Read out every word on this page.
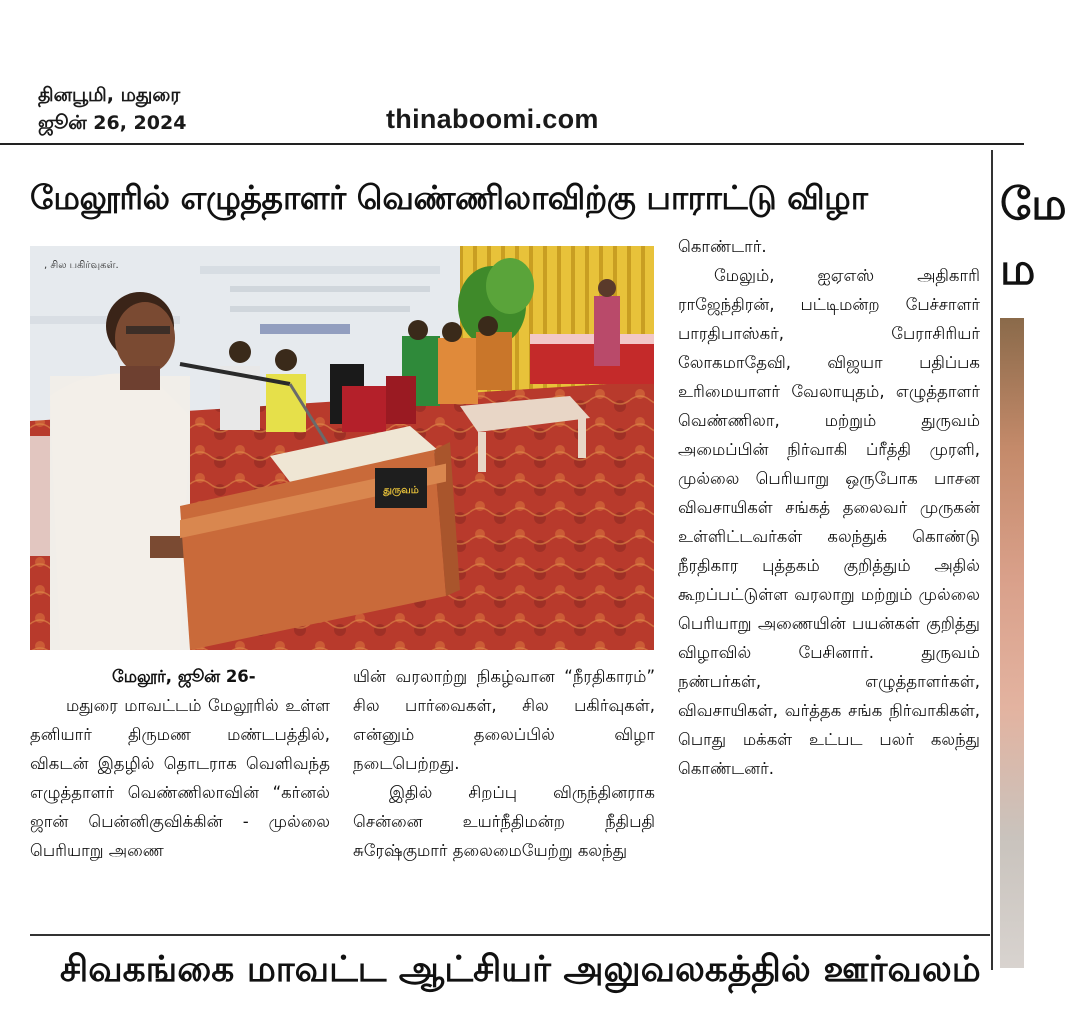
தினபூமி, மதுரை
ஜூன் 26, 2024	thinaboomi.com
மேலூரில் எழுத்தாளர் வெண்ணிலாவிற்கு பாராட்டு விழா	மே
ம
, சில பகிர்வுகள்.
துருவம்
மேலூர், ஜூன் 26-
மதுரை மாவட்டம் மேலூரில் உள்ள தனியார் திருமண மண்டபத்தில், விகடன் இதழில் தொடராக வெளிவந்த எழுத்தாளர் வெண்ணிலாவின் “கர்னல் ஜான் பென்னிகுவிக்கின் - முல்லை பெரியாறு அணை
யின் வரலாற்று நிகழ்வான “நீரதிகாரம்” சில பார்வைகள், சில பகிர்வுகள், என்னும் தலைப்பில் விழா நடைபெற்றது.
இதில் சிறப்பு விருந்தினராக சென்னை உயர்நீதிமன்ற நீதிபதி சுரேஷ்குமார் தலைமையேற்று கலந்து
கொண்டார்.
மேலும், ஐஏஎஸ் அதிகாரி ராஜேந்திரன், பட்டிமன்ற பேச்சாளர் பாரதிபாஸ்கர், பேராசிரியர் லோகமாதேவி, விஜயா பதிப்பக உரிமையாளர் வேலாயுதம், எழுத்தாளர் வெண்ணிலா, மற்றும் துருவம் அமைப்பின் நிர்வாகி ப்ரீத்தி முரளி, முல்லை பெரியாறு ஒருபோக பாசன விவசாயிகள் சங்கத் தலைவர் முருகன் உள்ளிட்டவர்கள் கலந்துக் கொண்டு நீரதிகார புத்தகம் குறித்தும் அதில் கூறப்பட்டுள்ள வரலாறு மற்றும் முல்லை பெரியாறு அணையின் பயன்கள் குறித்து விழாவில் பேசினார். துருவம் நண்பர்கள், எழுத்தாளர்கள், விவசாயிகள், வர்த்தக சங்க நிர்வாகிகள், பொது மக்கள் உட்பட பலர் கலந்து கொண்டனர்.
சிவகங்கை மாவட்ட ஆட்சியர் அலுவலகத்தில் ஊர்வலம்
